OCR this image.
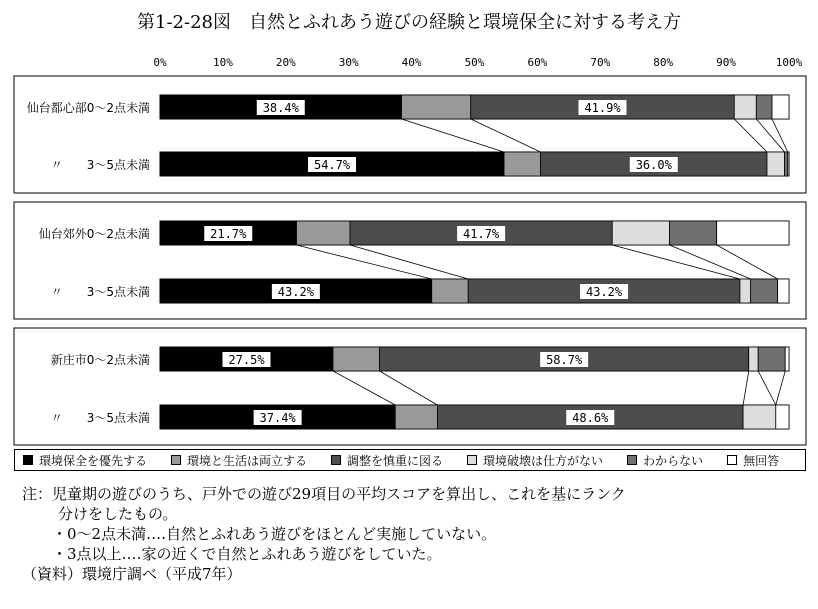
第1-2-28図　自然とふれあう遊びの経験と環境保全に対する考え方
0%	10%	20%	30%	40%	50%	60%	70%	80%	90%	100%
38.4%	41.9%
54.7%	36.0%
21.7%	41.7%
43.2%	43.2%
27.5%	58.7%
37.4%	48.6%
仙台都心部0～2点未満
〃　　3～5点未満
仙台郊外0～2点未満
〃　　3～5点未満
新庄市0～2点未満
〃　　3～5点未満
環境保全を優先する	環境と生活は両立する	調整を慎重に図る	環境破壊は仕方がない	わからない	無回答
注：児童期の遊びのうち、戸外での遊び29項目の平均スコアを算出し、これを基にランク
分けをしたもの。
・0～2点未満‥‥自然とふれあう遊びをほとんど実施していない。
・3点以上‥‥家の近くで自然とふれあう遊びをしていた。
（資料）環境庁調べ（平成7年）
